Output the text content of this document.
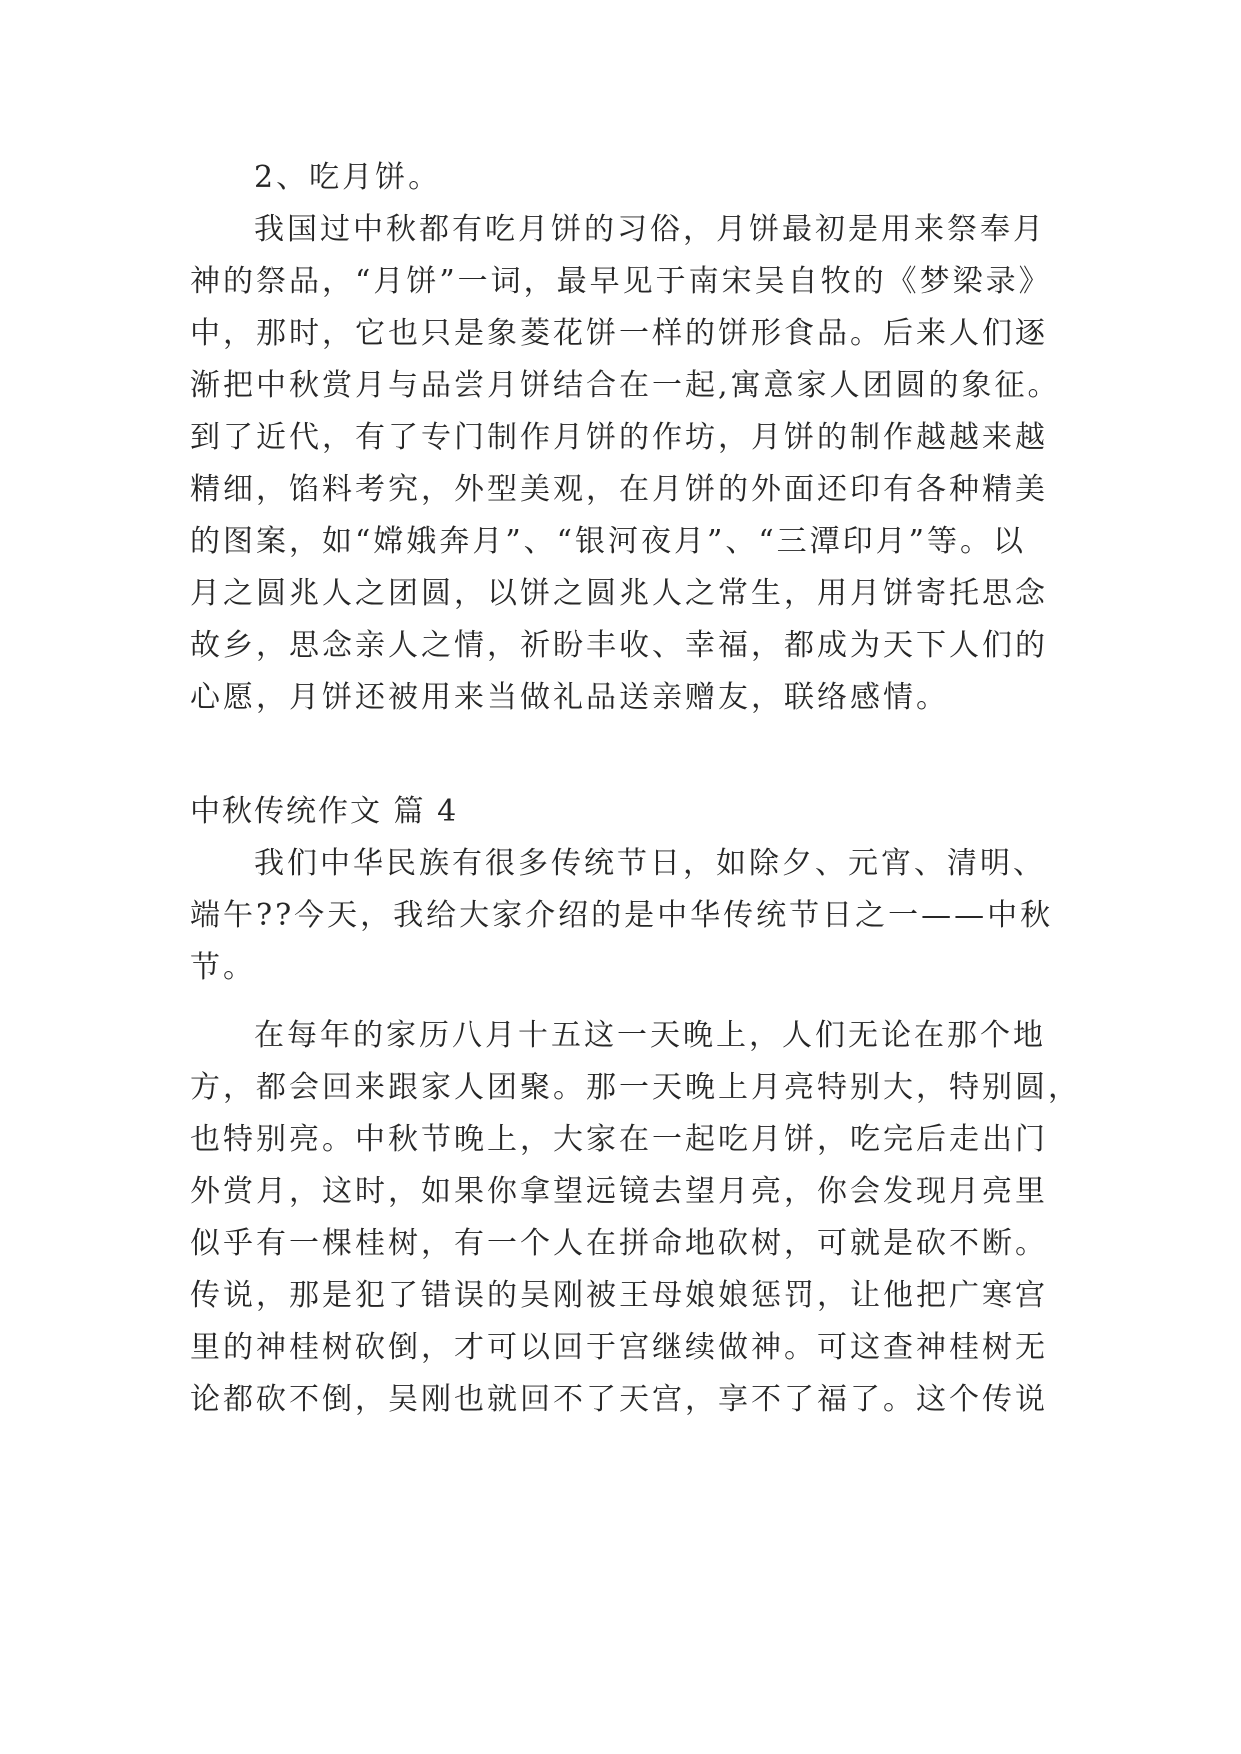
2、吃月饼。

我国过中秋都有吃月饼的习俗，月饼最初是用来祭奉月

神的祭品，“月饼”一词，最早见于南宋吴自牧的《梦梁录》

中，那时，它也只是象菱花饼一样的饼形食品。后来人们逐

渐把中秋赏月与品尝月饼结合在一起,寓意家人团圆的象征。

到了近代，有了专门制作月饼的作坊，月饼的制作越越来越

精细，馅料考究，外型美观，在月饼的外面还印有各种精美

的图案，如“嫦娥奔月”、“银河夜月”、“三潭印月”等。以

月之圆兆人之团圆，以饼之圆兆人之常生，用月饼寄托思念

故乡，思念亲人之情，祈盼丰收、幸福，都成为天下人们的

心愿，月饼还被用来当做礼品送亲赠友，联络感情。

中秋传统作文 篇 4

我们中华民族有很多传统节日，如除夕、元宵、清明、

端午??今天，我给大家介绍的是中华传统节日之一——中秋

节。

在每年的家历八月十五这一天晚上，人们无论在那个地

方，都会回来跟家人团聚。那一天晚上月亮特别大，特别圆，

也特别亮。中秋节晚上，大家在一起吃月饼，吃完后走出门

外赏月，这时，如果你拿望远镜去望月亮，你会发现月亮里

似乎有一棵桂树，有一个人在拼命地砍树，可就是砍不断。

传说，那是犯了错误的吴刚被王母娘娘惩罚，让他把广寒宫

里的神桂树砍倒，才可以回于宫继续做神。可这查神桂树无

论都砍不倒，吴刚也就回不了天宫，享不了福了。这个传说
